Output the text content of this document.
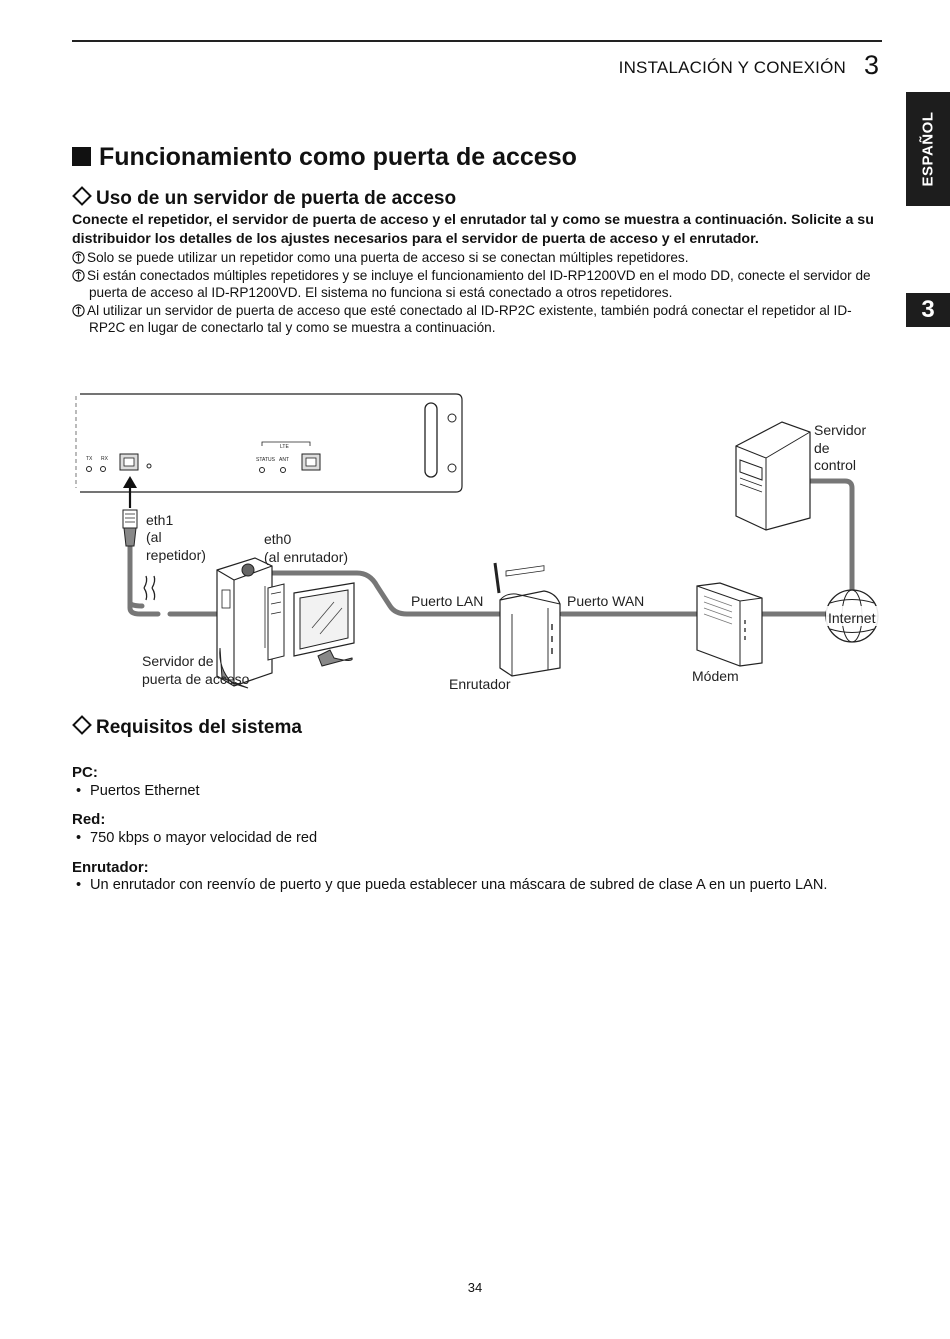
INSTALACIÓN Y CONEXIÓN 3
ESPAÑOL
3
Funcionamiento como puerta de acceso
Uso de un servidor de puerta de acceso
Conecte el repetidor, el servidor de puerta de acceso y el enrutador tal y como se muestra a continuación. Solicite a su distribuidor los detalles de los ajustes necesarios para el servidor de puerta de acceso y el enrutador.
Solo se puede utilizar un repetidor como una puerta de acceso si se conectan múltiples repetidores.
Si están conectados múltiples repetidores y se incluye el funcionamiento del ID-RP1200VD en el modo DD, conecte el servidor de puerta de acceso al ID-RP1200VD. El sistema no funciona si está conectado a otros repetidores.
Al utilizar un servidor de puerta de acceso que esté conectado al ID-RP2C existente, también podrá conectar el repetidor al ID-RP2C en lugar de conectarlo tal y como se muestra a continuación.
TX RX
LTE
STATUS ANT
Servidor
de
control
eth1
(al
repetidor)
eth0
(al enrutador)
Puerto LAN	Puerto WAN
Internet
Servidor de
puerta de acceso	Enrutador	Módem
Requisitos del sistema
PC:
• Puertos Ethernet
Red:
• 750 kbps o mayor velocidad de red
Enrutador:
• Un enrutador con reenvío de puerto y que pueda establecer una máscara de subred de clase A en un puerto LAN.
34
